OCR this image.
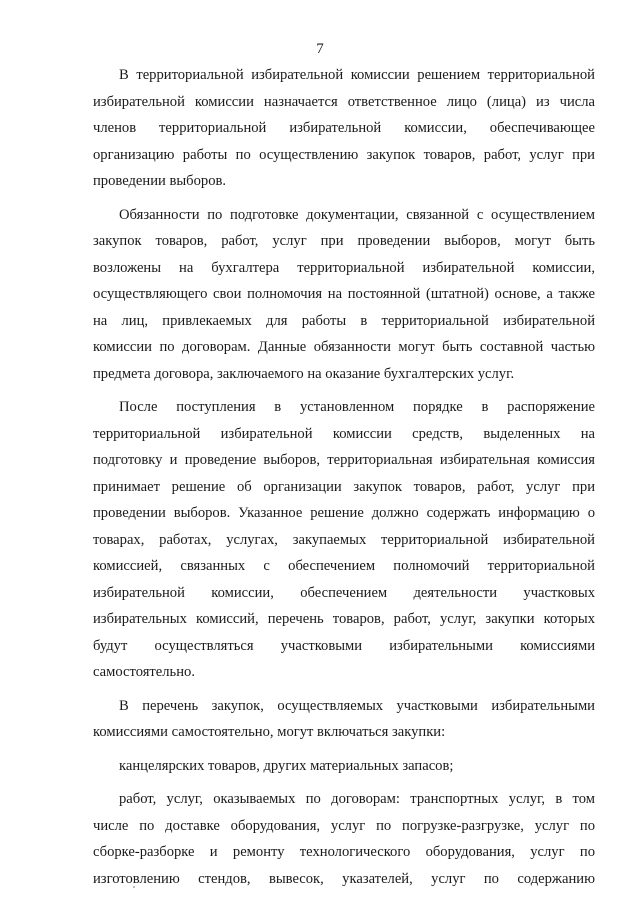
7
В территориальной избирательной комиссии решением территориальной
избирательной комиссии назначается ответственное лицо (лица) из числа
членов территориальной избирательной комиссии, обеспечивающее
организацию работы по осуществлению закупок товаров, работ, услуг при
проведении выборов.
Обязанности по подготовке документации, связанной с осуществлением
закупок товаров, работ, услуг при проведении выборов, могут быть
возложены на бухгалтера территориальной избирательной комиссии,
осуществляющего свои полномочия на постоянной (штатной) основе, а также
на лиц, привлекаемых для работы в территориальной избирательной
комиссии по договорам. Данные обязанности могут быть составной частью
предмета договора, заключаемого на оказание бухгалтерских услуг.
После поступления в установленном порядке в распоряжение
территориальной избирательной комиссии средств, выделенных на
подготовку и проведение выборов, территориальная избирательная комиссия
принимает решение об организации закупок товаров, работ, услуг при
проведении выборов. Указанное решение должно содержать информацию о
товарах, работах, услугах, закупаемых территориальной избирательной
комиссией, связанных с обеспечением полномочий территориальной
избирательной комиссии, обеспечением деятельности участковых
избирательных комиссий, перечень товаров, работ, услуг, закупки которых
будут осуществляться участковыми избирательными комиссиями
самостоятельно.
В перечень закупок, осуществляемых участковыми избирательными
комиссиями самостоятельно, могут включаться закупки:
канцелярских товаров, других материальных запасов;
работ, услуг, оказываемых по договорам: транспортных услуг, в том
числе по доставке оборудования, услуг по погрузке-разгрузке, услуг по
сборке-разборке и ремонту технологического оборудования, услуг по
изготовлению стендов, вывесок, указателей, услуг по содержанию
